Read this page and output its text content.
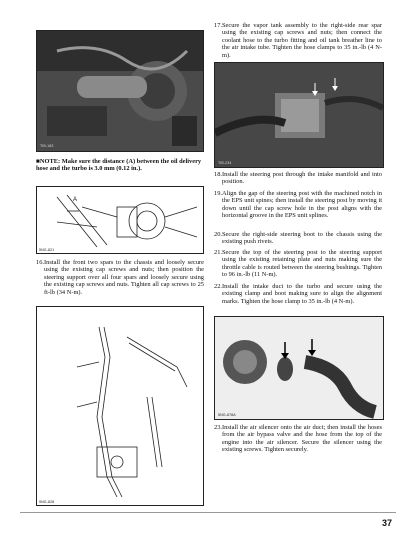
TIB-183
■NOTE: Make sure the distance (A) between the oil delivery hose and the turbo is 3.0 mm (0.12 in.).
A
5NG-821
16. Install the front two spars to the chassis and loosely secure using the existing cap screws and nuts; then position the steering support over all four spars and loosely secure using the existing cap screws and nuts. Tighten all cap screws to 25 ft-lb (34 N-m).
5NG-828
17. Secure the vapor tank assembly to the right-side rear spar using the existing cap screws and nuts; then connect the coolant hose to the turbo fitting and oil tank breather line to the air intake tube. Tighten the hose clamps to 35 in.-lb (4 N-m).
TIB-234
18. Install the steering post through the intake manifold and into position.
19. Align the gap of the steering post with the machined notch in the EPS unit spines; then install the steering post by moving it down until the cap screw hole in the post aligns with the horizontal groove in the EPS unit splines.
20. Secure the right-side steering boot to the chassis using the existing push rivets.
21. Secure the top of the steering post to the steering support using the existing retaining plate and nuts making sure the throttle cable is routed between the steering bushings. Tighten to 96 in.-lb (11 N-m).
22. Install the intake duct to the turbo and secure using the existing clamp and boot making sure to align the alignment marks. Tighten the hose clamp to 35 in.-lb (4 N-m).
5NG-878A
23. Install the air silencer onto the air duct; then install the hoses from the air bypass valve and the hose from the top of the engine into the air silencer. Secure the silencer using the existing screws. Tighten securely.
37
